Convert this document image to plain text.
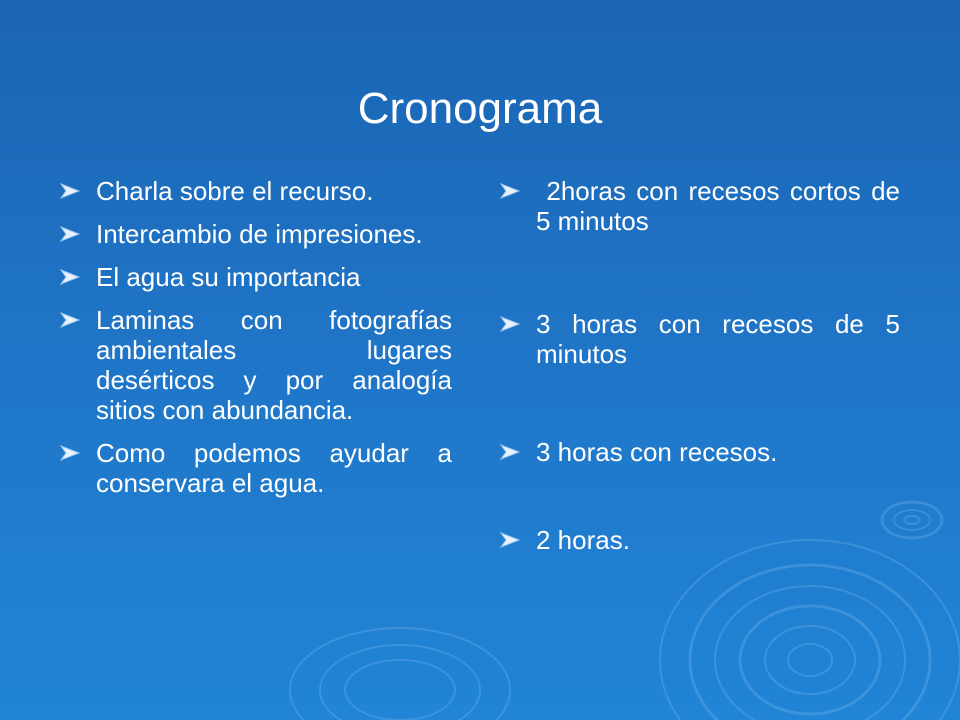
Cronograma
Charla sobre el recurso.
Intercambio de impresiones.
El agua su importancia
Laminas con fotografías ambientales lugares desérticos y por analogía sitios con abundancia.
Como podemos ayudar a conservara el agua.
2horas con recesos cortos de 5 minutos
3 horas con recesos de 5 minutos
3 horas con recesos.
2 horas.
